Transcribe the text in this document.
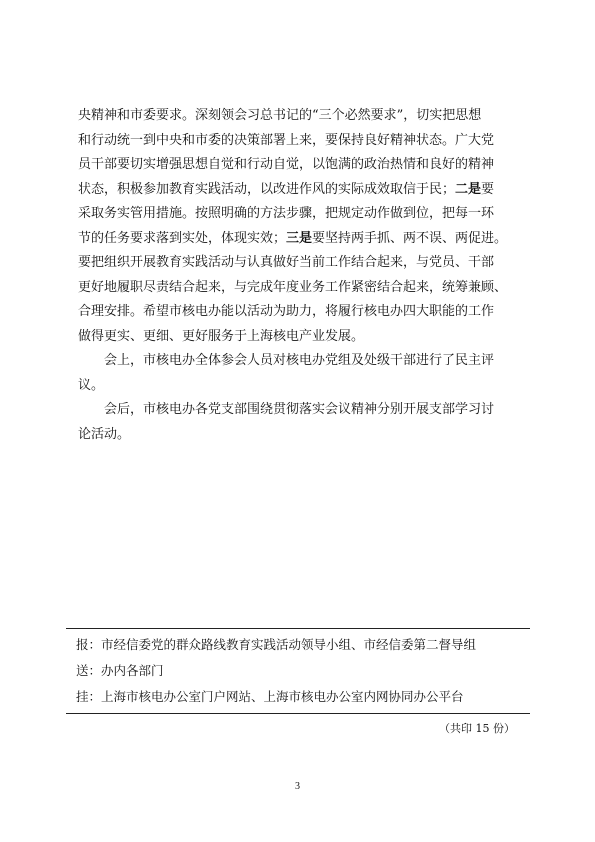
央精神和市委要求。深刻领会习总书记的“三个必然要求”，切实把思想
和行动统一到中央和市委的决策部署上来，要保持良好精神状态。广大党
员干部要切实增强思想自觉和行动自觉，以饱满的政治热情和良好的精神
状态，积极参加教育实践活动，以改进作风的实际成效取信于民；二是要
采取务实管用措施。按照明确的方法步骤，把规定动作做到位，把每一环
节的任务要求落到实处，体现实效；三是要坚持两手抓、两不误、两促进。
要把组织开展教育实践活动与认真做好当前工作结合起来，与党员、干部
更好地履职尽责结合起来，与完成年度业务工作紧密结合起来，统筹兼顾、
合理安排。希望市核电办能以活动为助力，将履行核电办四大职能的工作
做得更实、更细、更好服务于上海核电产业发展。

会上，市核电办全体参会人员对核电办党组及处级干部进行了民主评
议。

会后，市核电办各党支部围绕贯彻落实会议精神分别开展支部学习讨
论活动。

报：市经信委党的群众路线教育实践活动领导小组、市经信委第二督导组
送：办内各部门
挂：上海市核电办公室门户网站、上海市核电办公室内网协同办公平台
（共印 15 份）
3
